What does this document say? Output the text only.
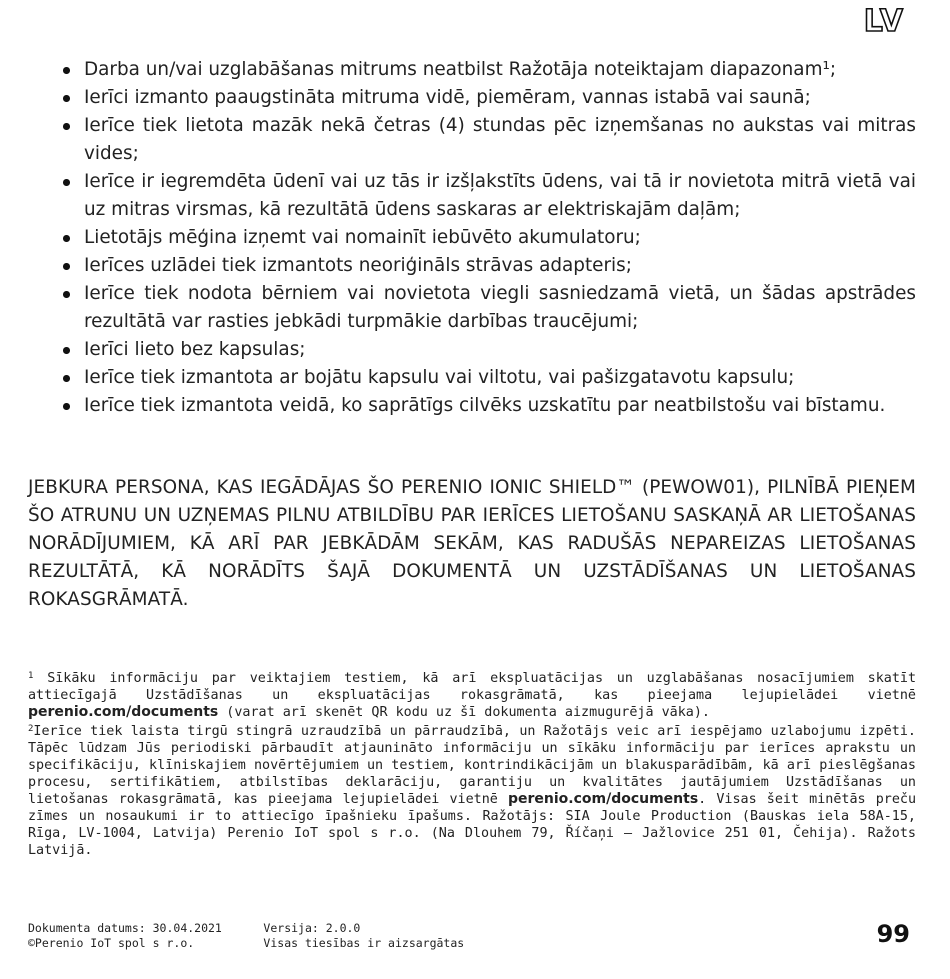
LV
Darba un/vai uzglabāšanas mitrums neatbilst Ražotāja noteiktajam diapazonam¹;
Ierīci izmanto paaugstināta mitruma vidē, piemēram, vannas istabā vai saunā;
Ierīce tiek lietota mazāk nekā četras (4) stundas pēc izņemšanas no aukstas vai mitras vides;
Ierīce ir iegremdēta ūdenī vai uz tās ir izšļakstīts ūdens, vai tā ir novietota mitrā vietā vai uz mitras virsmas, kā rezultātā ūdens saskaras ar elektriskajām daļām;
Lietotājs mēģina izņemt vai nomainīt iebūvēto akumulatoru;
Ierīces uzlādei tiek izmantots neoriģināls strāvas adapteris;
Ierīce tiek nodota bērniem vai novietota viegli sasniedzamā vietā, un šādas apstrādes rezultātā var rasties jebkādi turpmākie darbības traucējumi;
Ierīci lieto bez kapsulas;
Ierīce tiek izmantota ar bojātu kapsulu vai viltotu, vai pašizgatavotu kapsulu;
Ierīce tiek izmantota veidā, ko saprātīgs cilvēks uzskatītu par neatbilstošu vai bīstamu.

JEBKURA PERSONA, KAS IEGĀDĀJAS ŠO PERENIO IONIC SHIELD™ (PEWOW01), PILNĪBĀ PIEŅEM ŠO ATRUNU UN UZŅEMAS PILNU ATBILDĪBU PAR IERĪCES LIETOŠANU SASKAŅĀ AR LIETOŠANAS NORĀDĪJUMIEM, KĀ ARĪ PAR JEBKĀDĀM SEKĀM, KAS RADUŠĀS NEPAREIZAS LIETOŠANAS REZULTĀTĀ, KĀ NORĀDĪTS ŠAJĀ DOKUMENTĀ UN UZSTĀDĪŠANAS UN LIETOŠANAS ROKASGRĀMATĀ.

$^1$ Sīkāku informāciju par veiktajiem testiem, kā arī ekspluatācijas un uzglabāšanas nosacījumiem skatīt attiecīgajā Uzstādīšanas un ekspluatācijas rokasgrāmatā, kas pieejama lejupielādei vietnē perenio.com/documents (varat arī skenēt QR kodu uz šī dokumenta aizmugurējā vāka).

$^2$Ierīce tiek laista tirgū stingrā uzraudzībā un pārraudzībā, un Ražotājs veic arī iespējamo uzlabojumu izpēti. Tāpēc lūdzam Jūs periodiski pārbaudīt atjauninātо informāciju un sīkāku informāciju par ierīces aprakstu un specifikāciju, klīniskajiem novērtējumiem un testiem, kontrindikācijām un blakusparādībām, kā arī pieslēgšanas procesu, sertifikātiem, atbilstības deklarāciju, garantiju un kvalitātes jautājumiem Uzstādīšanas un lietošanas rokasgrāmatā, kas pieejama lejupielādei vietnē perenio.com/documents. Visas šeit minētās preču zīmes un nosaukumi ir to attiecīgo īpašnieku īpašums. Ražotājs: SIA Joule Production (Bauskas iela 58A-15, Rīga, LV-1004, Latvija) Perenio IoT spol s r.o. (Na Dlouhem 79, Říčaņi – Jažlovice 251 01, Čehija). Ražots Latvijā.

Dokumenta datums: 30.04.2021	Versija: 2.0.0
©Perenio IoT spol s r.o.	Visas tiesības ir aizsargātas	99
